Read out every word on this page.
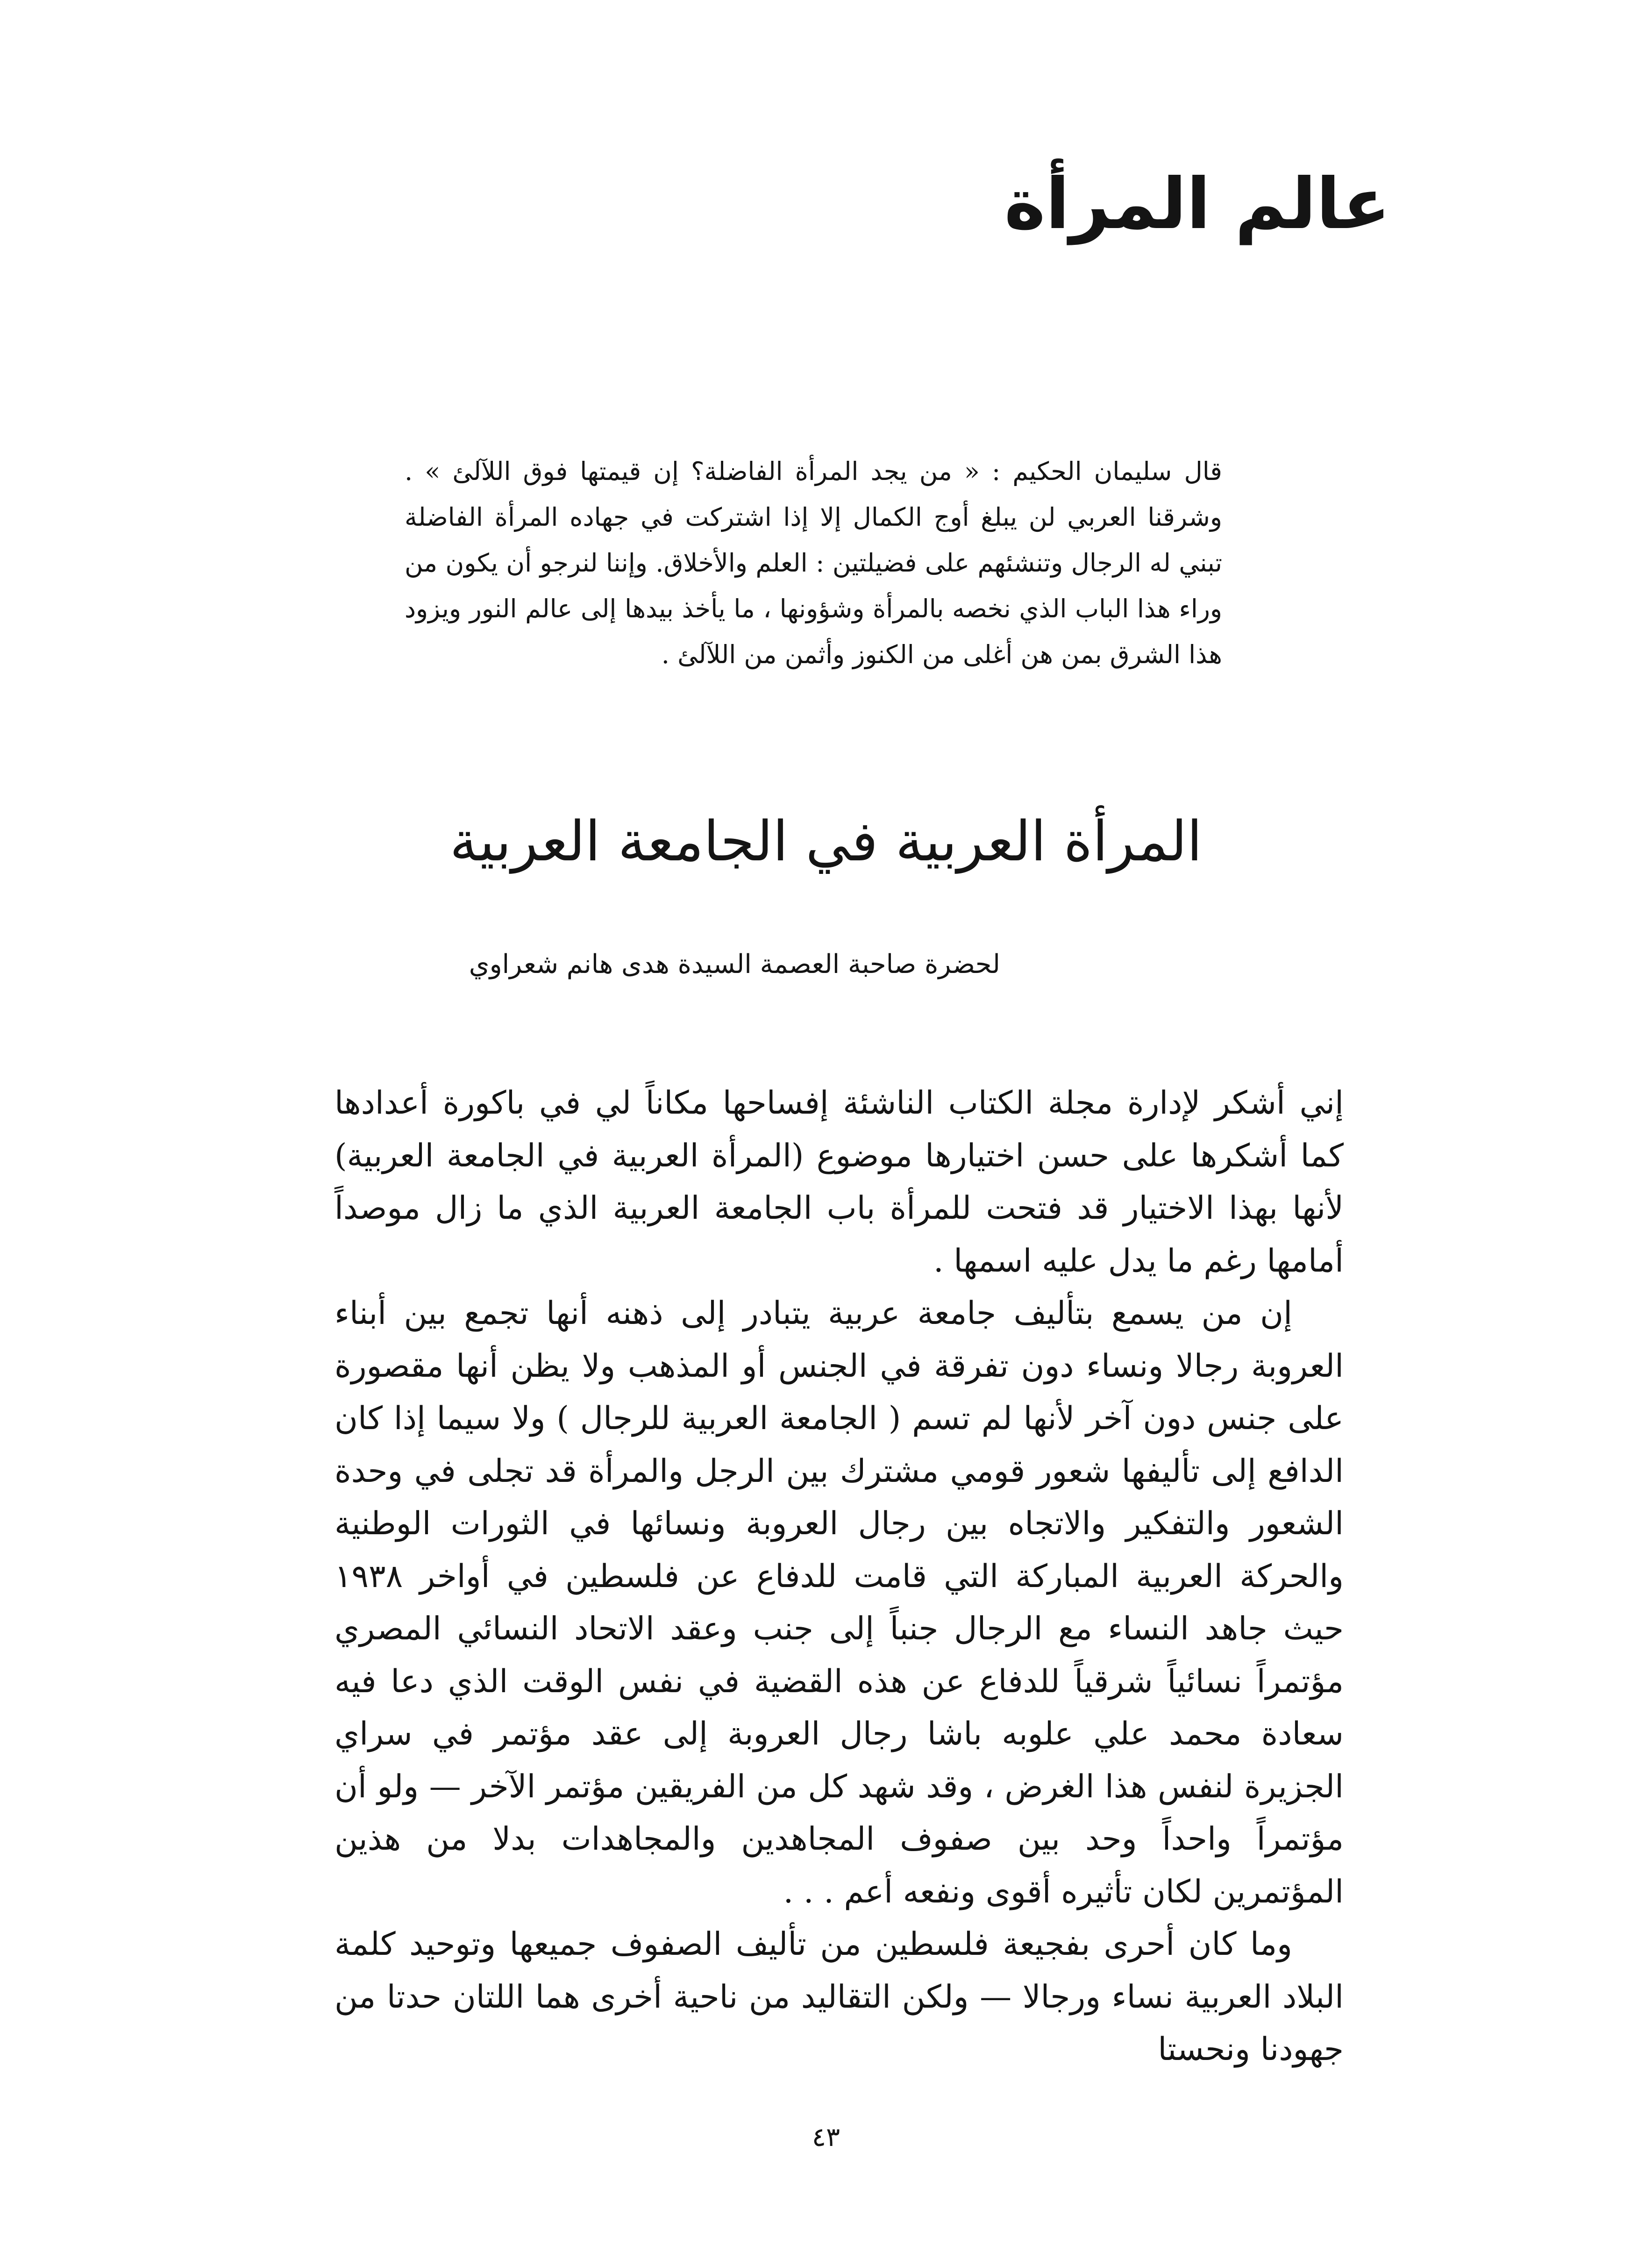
عالم المرأة

قال سليمان الحكيم : « من يجد المرأة الفاضلة؟ إن قيمتها فوق اللآلئ » . وشرقنا العربي لن يبلغ أوج الكمال إلا إذا اشتركت في جهاده المرأة الفاضلة تبني له الرجال وتنشئهم على فضيلتين : العلم والأخلاق. وإننا لنرجو أن يكون من وراء هذا الباب الذي نخصه بالمرأة وشؤونها ، ما يأخذ بيدها إلى عالم النور ويزود هذا الشرق بمن هن أغلى من الكنوز وأثمن من اللآلئ .

المرأة العربية في الجامعة العربية

لحضرة صاحبة العصمة السيدة هدى هانم شعراوي

إني أشكر لإدارة مجلة الكتاب الناشئة إفساحها مكاناً لي في باكورة أعدادها كما أشكرها على حسن اختيارها موضوع (المرأة العربية في الجامعة العربية) لأنها بهذا الاختيار قد فتحت للمرأة باب الجامعة العربية الذي ما زال موصداً أمامها رغم ما يدل عليه اسمها .

إن من يسمع بتأليف جامعة عربية يتبادر إلى ذهنه أنها تجمع بين أبناء العروبة رجالا ونساء دون تفرقة في الجنس أو المذهب ولا يظن أنها مقصورة على جنس دون آخر لأنها لم تسم ( الجامعة العربية للرجال ) ولا سيما إذا كان الدافع إلى تأليفها شعور قومي مشترك بين الرجل والمرأة قد تجلى في وحدة الشعور والتفكير والاتجاه بين رجال العروبة ونسائها في الثورات الوطنية والحركة العربية المباركة التي قامت للدفاع عن فلسطين في أواخر ١٩٣٨ حيث جاهد النساء مع الرجال جنباً إلى جنب وعقد الاتحاد النسائي المصري مؤتمراً نسائياً شرقياً للدفاع عن هذه القضية في نفس الوقت الذي دعا فيه سعادة محمد علي علوبه باشا رجال العروبة إلى عقد مؤتمر في سراي الجزيرة لنفس هذا الغرض ، وقد شهد كل من الفريقين مؤتمر الآخر — ولو أن مؤتمراً واحداً وحد بين صفوف المجاهدين والمجاهدات بدلا من هذين المؤتمرين لكان تأثيره أقوى ونفعه أعم . . .

وما كان أحرى بفجيعة فلسطين من تأليف الصفوف جميعها وتوحيد كلمة البلاد العربية نساء ورجالا — ولكن التقاليد من ناحية أخرى هما اللتان حدتا من جهودنا ونحستا

٤٣
